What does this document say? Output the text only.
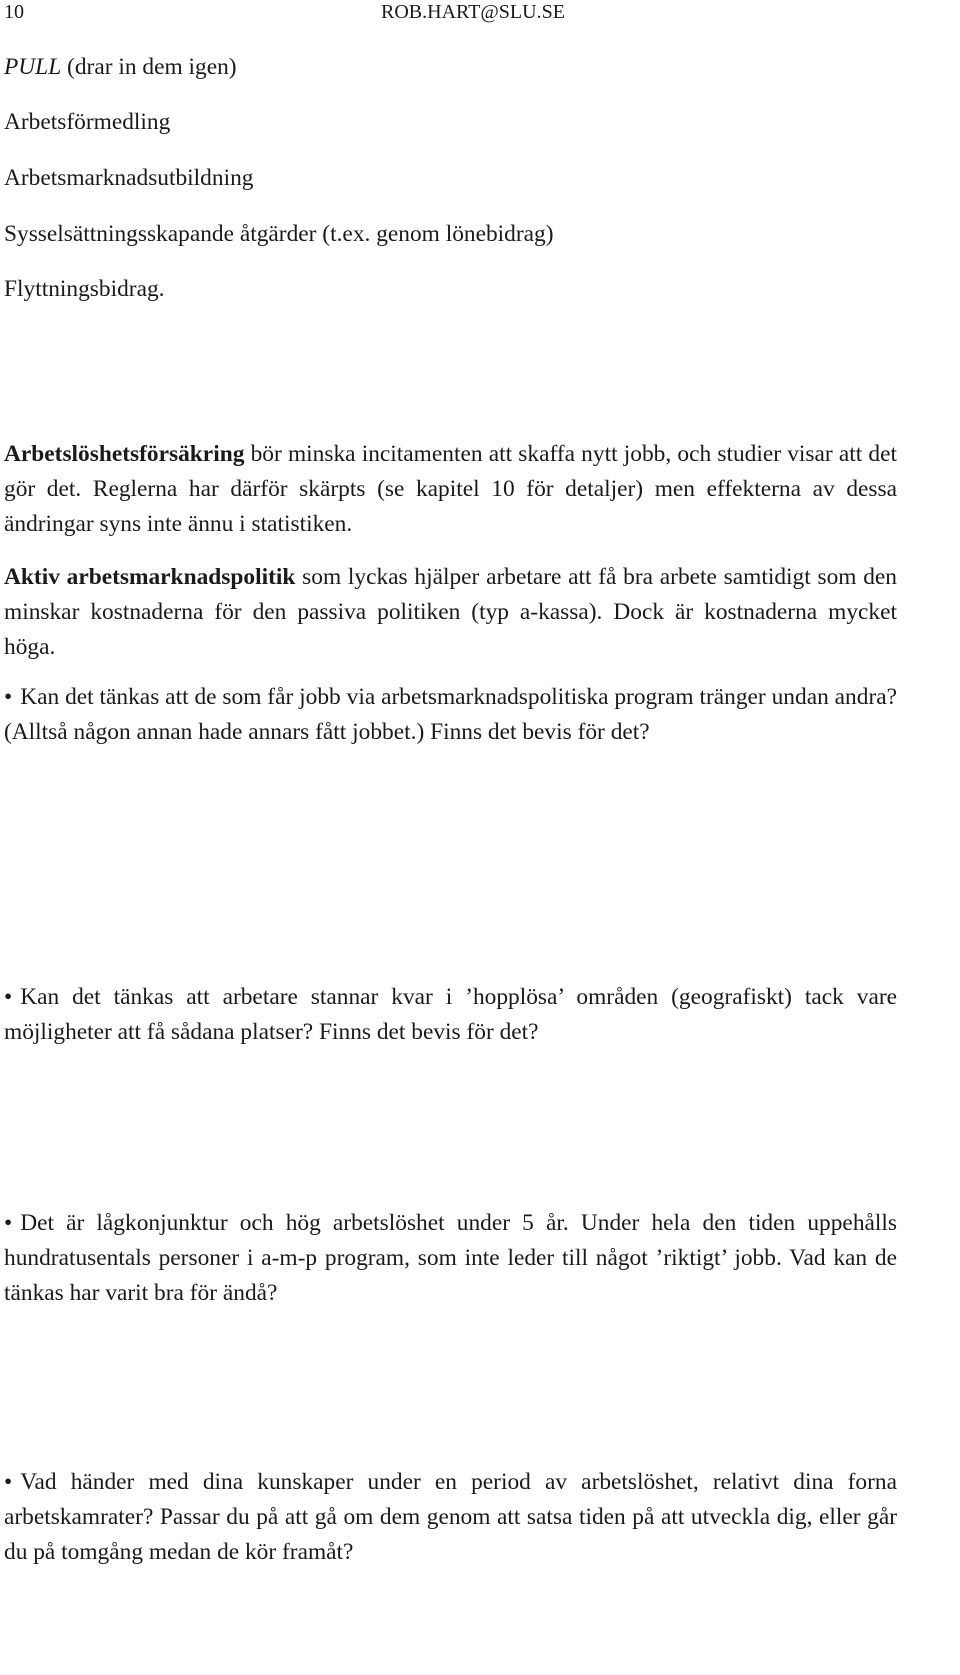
10	ROB.HART@SLU.SE
PULL (drar in dem igen)
Arbetsförmedling
Arbetsmarknadsutbildning
Sysselsättningsskapande åtgärder (t.ex. genom lönebidrag)
Flyttningsbidrag.
Arbetslöshetsförsäkring bör minska incitamenten att skaffa nytt jobb, och studier visar att det gör det. Reglerna har därför skärpts (se kapitel 10 för detaljer) men effekterna av dessa ändringar syns inte ännu i statistiken.
Aktiv arbetsmarknadspolitik som lyckas hjälper arbetare att få bra arbete samtidigt som den minskar kostnaderna för den passiva politiken (typ a-kassa). Dock är kostnaderna mycket höga.
• Kan det tänkas att de som får jobb via arbetsmarknadspolitiska program tränger undan andra? (Alltså någon annan hade annars fått jobbet.) Finns det bevis för det?
• Kan det tänkas att arbetare stannar kvar i ’hopplösa’ områden (geografiskt) tack vare möjligheter att få sådana platser? Finns det bevis för det?
• Det är lågkonjunktur och hög arbetslöshet under 5 år. Under hela den tiden uppehålls hundratusentals personer i a-m-p program, som inte leder till något ’riktigt’ jobb. Vad kan de tänkas har varit bra för ändå?
• Vad händer med dina kunskaper under en period av arbetslöshet, relativt dina forna arbetskamrater? Passar du på att gå om dem genom att satsa tiden på att utveckla dig, eller går du på tomgång medan de kör framåt?
